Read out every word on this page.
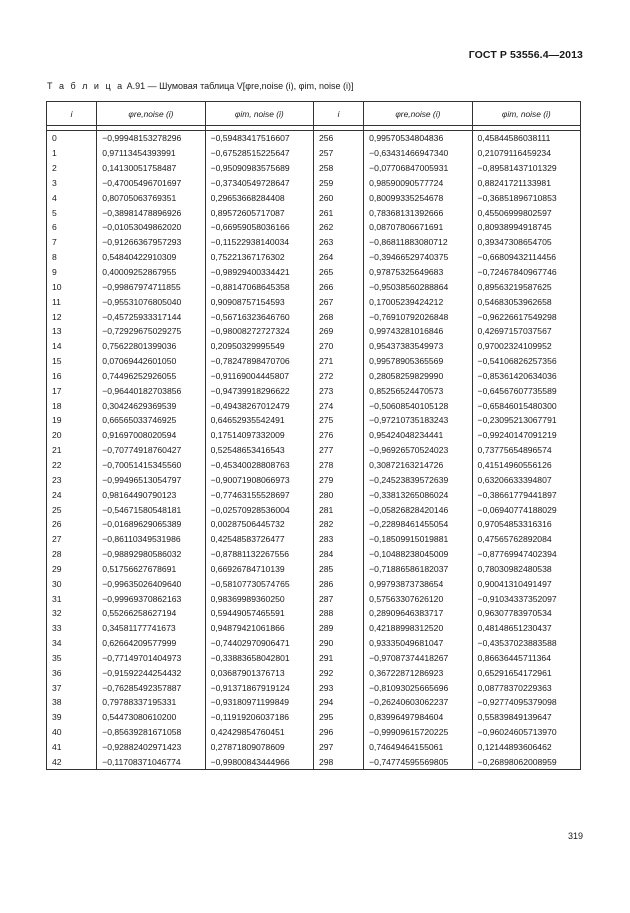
ГОСТ Р 53556.4—2013
Т а б л и ц а А.91 — Шумовая таблица V[φre,noise (i), φim, noise (i)]
i	φre,noise (i)	φim, noise (i)	i	φre,noise (i)	φim, noise (i)

0	−0,99948153278296	−0,59483417516607	256	0,99570534804836	0,45844586038111
1	0,97113454393991	−0,67528515225647	257	−0,63431466947340	0,21079116459234
2	0,14130051758487	−0,95090983575689	258	−0,07706847005931	−0,89581437101329
3	−0,47005496701697	−0,37340549728647	259	0,98590090577724	0,88241721133981
4	0,80705063769351	0,29653668284408	260	0,80099335254678	−0,36851896710853
5	−0,38981478896926	0,89572605717087	261	0,78368131392666	0,45506999802597
6	−0,01053049862020	−0,66959058036166	262	0,08707806671691	0,80938994918745
7	−0,91266367957293	−0,11522938140034	263	−0,86811883080712	0,39347308654705
8	0,54840422910309	0,75221367176302	264	−0,39466529740375	−0,66809432114456
9	0,40009252867955	−0,98929400334421	265	0,97875325649683	−0,72467840967746
10	−0,99867974711855	−0,88147068645358	266	−0,95038560288864	0,89563219587625
11	−0,95531076805040	0,90908757154593	267	0,17005239424212	0,54683053962658
12	−0,45725933317144	−0,56716323646760	268	−0,76910792026848	−0,96226617549298
13	−0,72929675029275	−0,98008272727324	269	0,99743281016846	0,42697157037567
14	0,75622801399036	0,20950329995549	270	0,95437383549973	0,97002324109952
15	0,07069442601050	−0,78247898470706	271	0,99578905365569	−0,54106826257356
16	0,74496252926055	−0,91169004445807	272	0,28058259829990	−0,85361420634036
17	−0,96440182703856	−0,94739918296622	273	0,85256524470573	−0,64567607735589
18	0,30424629369539	−0,49438267012479	274	−0,50608540105128	−0,65846015480300
19	0,66565033746925	0,64652935542491	275	−0,97210735183243	−0,23095213067791
20	0,91697008020594	0,17514097332009	276	0,95424048234441	−0,99240147091219
21	−0,70774918760427	0,52548653416543	277	−0,96926570524023	0,73775654896574
22	−0,70051415345560	−0,45340028808763	278	0,30872163214726	0,41514960556126
23	−0,99496513054797	−0,90071908066973	279	−0,24523839572639	0,63206633394807
24	0,98164490790123	−0,77463155528697	280	−0,33813265086024	−0,38661779441897
25	−0,54671580548181	−0,02570928536004	281	−0,05826828420146	−0,06940774188029
26	−0,01689629065389	0,00287506445732	282	−0,22898461455054	0,97054853316316
27	−0,86110349531986	0,42548583726477	283	−0,18509915019881	0,47565762892084
28	−0,98892980586032	−0,87881132267556	284	−0,10488238045009	−0,87769947402394
29	0,51756627678691	0,66926784710139	285	−0,71886586182037	0,78030982480538
30	−0,99635026409640	−0,58107730574765	286	0,99793873738654	0,90041310491497
31	−0,99969370862163	0,98369989360250	287	0,57563307626120	−0,91034337352097
32	0,55266258627194	0,59449057465591	288	0,28909646383717	0,96307783970534
33	0,34581177741673	0,94879421061866	289	0,42188998312520	0,48148651230437
34	0,62664209577999	−0,74402970906471	290	0,93335049681047	−0,43537023883588
35	−0,77149701404973	−0,33883658042801	291	−0,97087374418267	0,86636445711364
36	−0,91592244254432	0,03687901376713	292	0,36722871286923	0,65291654172961
37	−0,76285492357887	−0,91371867919124	293	−0,81093025665696	0,08778370229363
38	0,79788337195331	−0,93180971199849	294	−0,26240603062237	−0,92774095379098
39	0,54473080610200	−0,11919206037186	295	0,83996497984604	0,55839849139647
40	−0,85639281671058	0,42429854760451	296	−0,99909615720225	−0,96024605713970
41	−0,92882402971423	0,27871809078609	297	0,74649464155061	0,12144893606462
42	−0,11708371046774	−0,99800843444966	298	−0,74774595569805	−0,26898062008959
319
